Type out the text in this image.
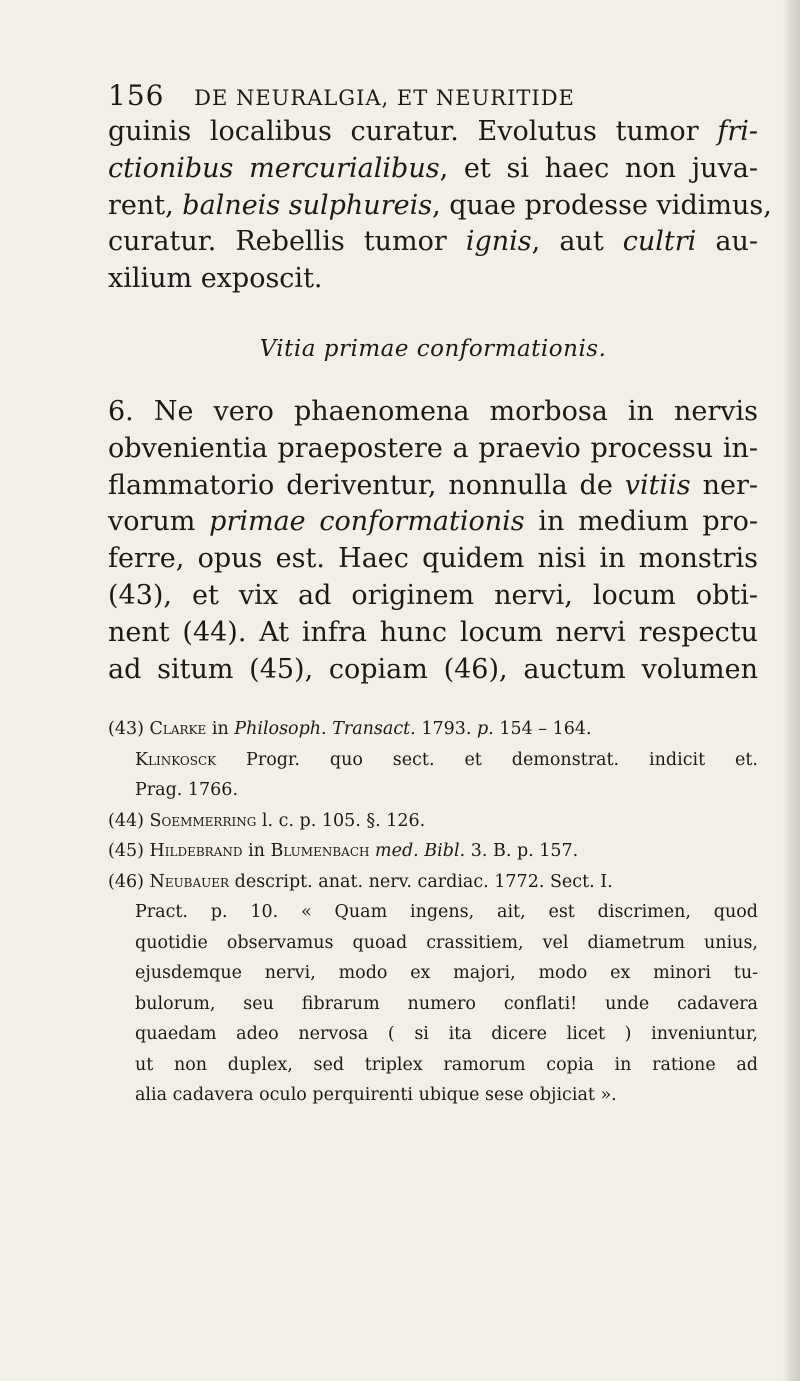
156 DE NEURALGIA, ET NEURITIDE
guinis localibus curatur. Evolutus tumor fri-
ctionibus mercurialibus, et si haec non juva-
rent, balneis sulphureis, quae prodesse vidimus,
curatur. Rebellis tumor ignis, aut cultri au-
xilium exposcit.
Vitia primae conformationis.
6. Ne vero phaenomena morbosa in nervis
obvenientia praepostere a praevio processu in-
flammatorio deriventur, nonnulla de vitiis ner-
vorum primae conformationis in medium pro-
ferre, opus est. Haec quidem nisi in monstris
(43), et vix ad originem nervi, locum obti-
nent (44). At infra hunc locum nervi respectu
ad situm (45), copiam (46), auctum volumen
(43) Clarke in Philosoph. Transact. 1793. p. 154 – 164.
Klinkosck Progr. quo sect. et demonstrat. indicit et.
Prag. 1766.
(44) Soemmerring l. c. p. 105. §. 126.
(45) Hildebrand in Blumenbach med. Bibl. 3. B. p. 157.
(46) Neubauer descript. anat. nerv. cardiac. 1772. Sect. I.
Pract. p. 10. « Quam ingens, ait, est discrimen, quod
quotidie observamus quoad crassitiem, vel diametrum unius,
ejusdemque nervi, modo ex majori, modo ex minori tu-
bulorum, seu fibrarum numero conflati! unde cadavera
quaedam adeo nervosa ( si ita dicere licet ) inveniuntur,
ut non duplex, sed triplex ramorum copia in ratione ad
alia cadavera oculo perquirenti ubique sese objiciat ».
